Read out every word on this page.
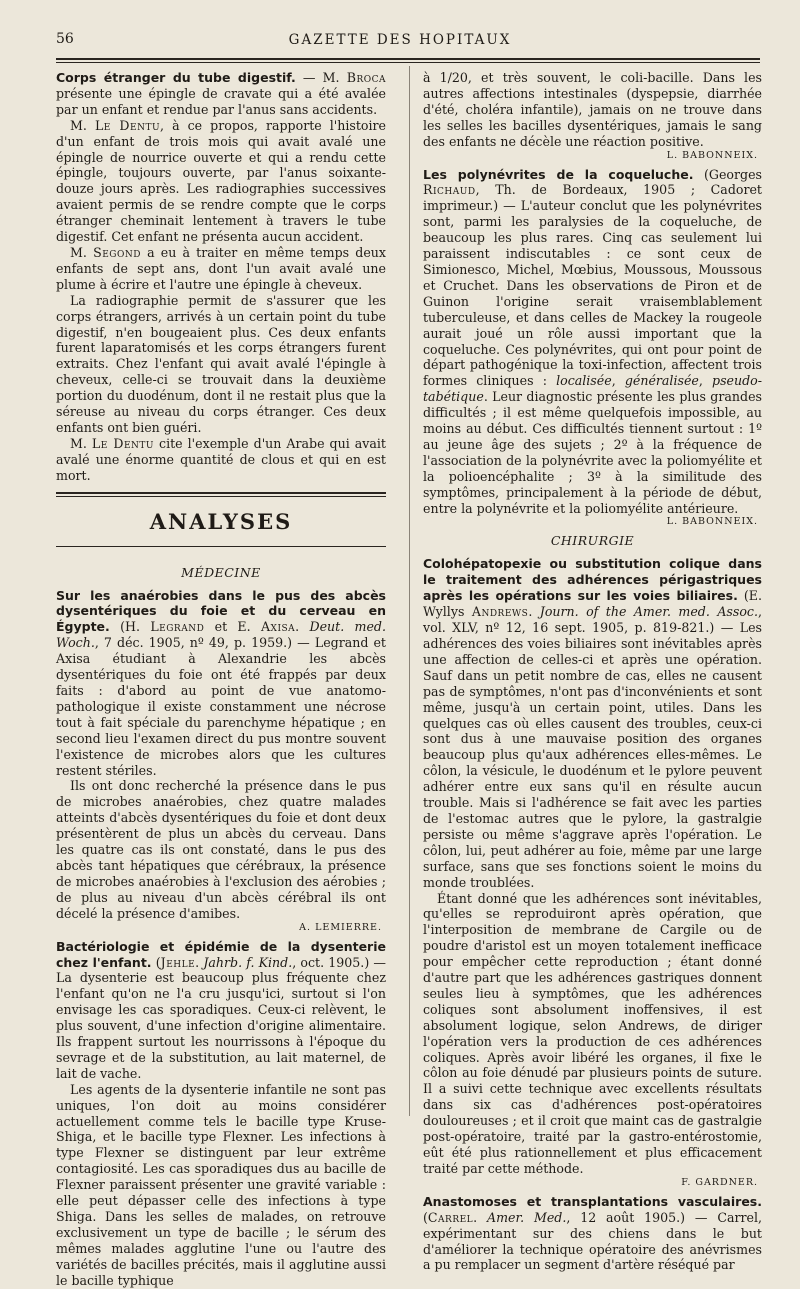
56	GAZETTE DES HOPITAUX

Corps étranger du tube digestif. — M. Broca présente une épingle de cravate qui a été avalée par un enfant et rendue par l'anus sans accidents.

M. Le Dentu, à ce propos, rapporte l'histoire d'un enfant de trois mois qui avait avalé une épingle de nourrice ouverte et qui a rendu cette épingle, toujours ouverte, par l'anus soixante-douze jours après. Les radiographies successives avaient permis de se rendre compte que le corps étranger cheminait lentement à travers le tube digestif. Cet enfant ne présenta aucun accident.

M. Segond a eu à traiter en même temps deux enfants de sept ans, dont l'un avait avalé une plume à écrire et l'autre une épingle à cheveux.

La radiographie permit de s'assurer que les corps étrangers, arrivés à un certain point du tube digestif, n'en bougeaient plus. Ces deux enfants furent laparatomisés et les corps étrangers furent extraits. Chez l'enfant qui avait avalé l'épingle à cheveux, celle-ci se trouvait dans la deuxième portion du duodénum, dont il ne restait plus que la séreuse au niveau du corps étranger. Ces deux enfants ont bien guéri.

M. Le Dentu cite l'exemple d'un Arabe qui avait avalé une énorme quantité de clous et qui en est mort.

ANALYSES
MÉDECINE

Sur les anaérobies dans le pus des abcès dysentériques du foie et du cerveau en Égypte. (H. Legrand et E. Axisa. Deut. med. Woch., 7 déc. 1905, nº 49, p. 1959.) — Legrand et Axisa étudiant à Alexandrie les abcès dysentériques du foie ont été frappés par deux faits : d'abord au point de vue anatomo-pathologique il existe constamment une nécrose tout à fait spéciale du parenchyme hépatique ; en second lieu l'examen direct du pus montre souvent l'existence de microbes alors que les cultures restent stériles.

Ils ont donc recherché la présence dans le pus de microbes anaérobies, chez quatre malades atteints d'abcès dysentériques du foie et dont deux présentèrent de plus un abcès du cerveau. Dans les quatre cas ils ont constaté, dans le pus des abcès tant hépatiques que cérébraux, la présence de microbes anaérobies à l'exclusion des aérobies ; de plus au niveau d'un abcès cérébral ils ont décelé la présence d'amibes.

A. LEMIERRE.

Bactériologie et épidémie de la dysenterie chez l'enfant. (Jehle. Jahrb. f. Kind., oct. 1905.) — La dysenterie est beaucoup plus fréquente chez l'enfant qu'on ne l'a cru jusqu'ici, surtout si l'on envisage les cas sporadiques. Ceux-ci relèvent, le plus souvent, d'une infection d'origine alimentaire. Ils frappent surtout les nourrissons à l'époque du sevrage et de la substitution, au lait maternel, de lait de vache.

Les agents de la dysenterie infantile ne sont pas uniques, l'on doit au moins considérer actuellement comme tels le bacille type Kruse-Shiga, et le bacille type Flexner. Les infections à type Flexner se distinguent par leur extrême contagiosité. Les cas sporadiques dus au bacille de Flexner paraissent présenter une gravité variable : elle peut dépasser celle des infections à type Shiga. Dans les selles de malades, on retrouve exclusivement un type de bacille ; le sérum des mêmes malades agglutine l'une ou l'autre des variétés de bacilles précités, mais il agglutine aussi le bacille typhique

à 1/20, et très souvent, le coli-bacille. Dans les autres affections intestinales (dyspepsie, diarrhée d'été, choléra infantile), jamais on ne trouve dans les selles les bacilles dysentériques, jamais le sang des enfants ne décèle une réaction positive.

L. BABONNEIX.

Les polynévrites de la coqueluche. (Georges Richaud, Th. de Bordeaux, 1905 ; Cadoret imprimeur.) — L'auteur conclut que les polynévrites sont, parmi les paralysies de la coqueluche, de beaucoup les plus rares. Cinq cas seulement lui paraissent indiscutables : ce sont ceux de Simionesco, Michel, Mœbius, Moussous, Moussous et Cruchet. Dans les observations de Piron et de Guinon l'origine serait vraisemblablement tuberculeuse, et dans celles de Mackey la rougeole aurait joué un rôle aussi important que la coqueluche. Ces polynévrites, qui ont pour point de départ pathogénique la toxi-infection, affectent trois formes cliniques : localisée, généralisée, pseudo-tabétique. Leur diagnostic présente les plus grandes difficultés ; il est même quelquefois impossible, au moins au début. Ces difficultés tiennent surtout : 1º au jeune âge des sujets ; 2º à la fréquence de l'association de la polynévrite avec la poliomyélite et la polioencéphalite ; 3º à la similitude des symptômes, principalement à la période de début, entre la polynévrite et la poliomyélite antérieure.

L. BABONNEIX.
CHIRURGIE

Colohépatopexie ou substitution colique dans le traitement des adhérences périgastriques après les opérations sur les voies biliaires. (E. Wyllys Andrews. Journ. of the Amer. med. Assoc., vol. XLV, nº 12, 16 sept. 1905, p. 819-821.) — Les adhérences des voies biliaires sont inévitables après une affection de celles-ci et après une opération. Sauf dans un petit nombre de cas, elles ne causent pas de symptômes, n'ont pas d'inconvénients et sont même, jusqu'à un certain point, utiles. Dans les quelques cas où elles causent des troubles, ceux-ci sont dus à une mauvaise position des organes beaucoup plus qu'aux adhérences elles-mêmes. Le côlon, la vésicule, le duodénum et le pylore peuvent adhérer entre eux sans qu'il en résulte aucun trouble. Mais si l'adhérence se fait avec les parties de l'estomac autres que le pylore, la gastralgie persiste ou même s'aggrave après l'opération. Le côlon, lui, peut adhérer au foie, même par une large surface, sans que ses fonctions soient le moins du monde troublées.

Étant donné que les adhérences sont inévitables, qu'elles se reproduiront après opération, que l'interposition de membrane de Cargile ou de poudre d'aristol est un moyen totalement inefficace pour empêcher cette reproduction ; étant donné d'autre part que les adhérences gastriques donnent seules lieu à symptômes, que les adhérences coliques sont absolument inoffensives, il est absolument logique, selon Andrews, de diriger l'opération vers la production de ces adhérences coliques. Après avoir libéré les organes, il fixe le côlon au foie dénudé par plusieurs points de suture. Il a suivi cette technique avec excellents résultats dans six cas d'adhérences post-opératoires douloureuses ; et il croit que maint cas de gastralgie post-opératoire, traité par la gastro-entérostomie, eût été plus rationnellement et plus efficacement traité par cette méthode.

F. GARDNER.

Anastomoses et transplantations vasculaires. (Carrel. Amer. Med., 12 août 1905.) — Carrel, expérimentant sur des chiens dans le but d'améliorer la technique opératoire des anévrismes a pu remplacer un segment d'artère réséqué par
